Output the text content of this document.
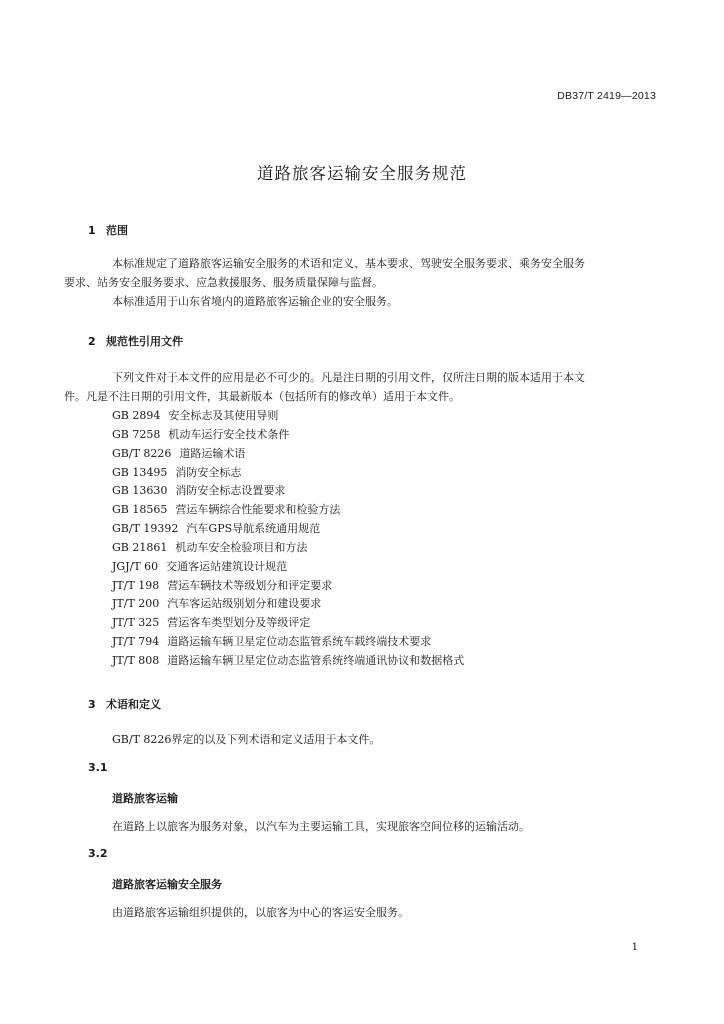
DB37/T 2419—2013
道路旅客运输安全服务规范
1 范围
本标准规定了道路旅客运输安全服务的术语和定义、基本要求、驾驶安全服务要求、乘务安全服务
要求、站务安全服务要求、应急救援服务、服务质量保障与监督。
本标准适用于山东省境内的道路旅客运输企业的安全服务。
2 规范性引用文件
下列文件对于本文件的应用是必不可少的。凡是注日期的引用文件，仅所注日期的版本适用于本文
件。凡是不注日期的引用文件，其最新版本（包括所有的修改单）适用于本文件。
GB 2894 安全标志及其使用导则
GB 7258 机动车运行安全技术条件
GB/T 8226 道路运输术语
GB 13495 消防安全标志
GB 13630 消防安全标志设置要求
GB 18565 营运车辆综合性能要求和检验方法
GB/T 19392 汽车GPS导航系统通用规范
GB 21861 机动车安全检验项目和方法
JGJ/T 60 交通客运站建筑设计规范
JT/T 198 营运车辆技术等级划分和评定要求
JT/T 200 汽车客运站级别划分和建设要求
JT/T 325 营运客车类型划分及等级评定
JT/T 794 道路运输车辆卫星定位动态监管系统车载终端技术要求
JT/T 808 道路运输车辆卫星定位动态监管系统终端通讯协议和数据格式
3 术语和定义
GB/T 8226界定的以及下列术语和定义适用于本文件。
3.1
道路旅客运输
在道路上以旅客为服务对象，以汽车为主要运输工具，实现旅客空间位移的运输活动。
3.2
道路旅客运输安全服务
由道路旅客运输组织提供的，以旅客为中心的客运安全服务。
1
